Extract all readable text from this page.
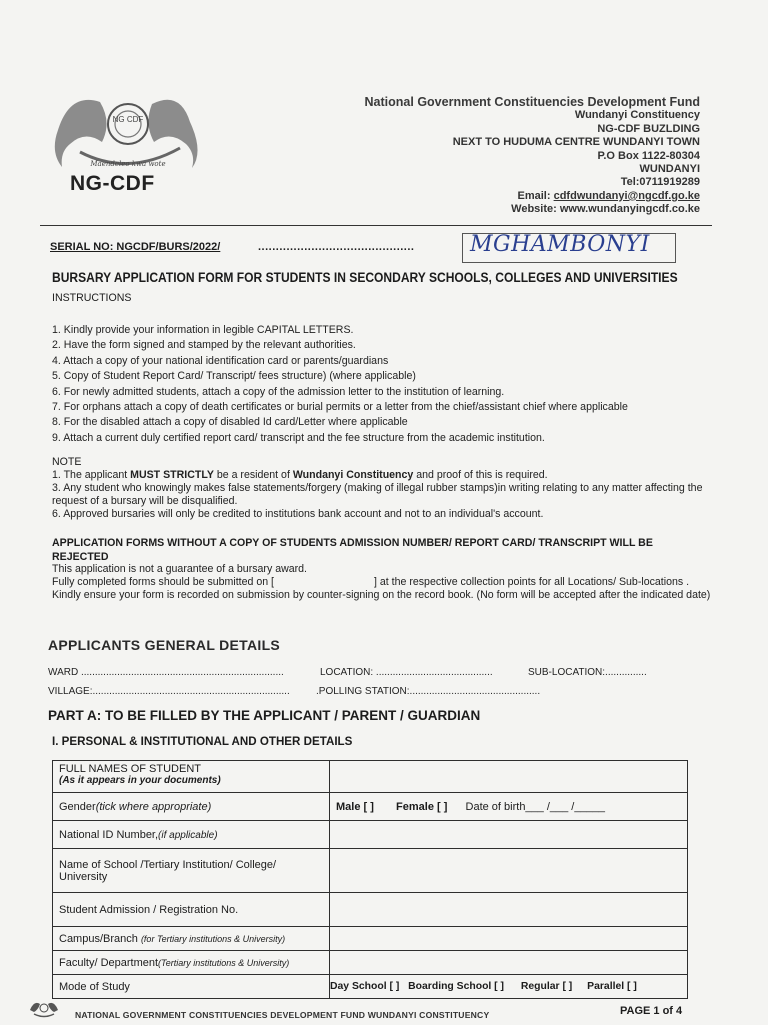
NG CDF
Maendeleo kwa wote
NG-CDF
National Government Constituencies Development Fund
Wundanyi Constituency
NG-CDF BUZLDING
NEXT TO HUDUMA CENTRE WUNDANYI TOWN
P.O Box 1122-80304
WUNDANYI
Tel:0711919289
Email: cdfdwundanyi@ngcdf.go.ke
Website: www.wundanyingcdf.co.ke
SERIAL NO: NGCDF/BURS/2022/	............................................	MGHAMBONYI
BURSARY APPLICATION FORM FOR STUDENTS IN SECONDARY SCHOOLS, COLLEGES AND UNIVERSITIES
INSTRUCTIONS
1. Kindly provide your information in legible CAPITAL LETTERS.
2. Have the form signed and stamped by the relevant authorities.
4. Attach a copy of your national identification card or parents/guardians
5. Copy of Student Report Card/ Transcript/ fees structure) (where applicable)
6. For newly admitted students, attach a copy of the admission letter to the institution of learning.
7. For orphans attach a copy of death certificates or burial permits or a letter from the chief/assistant chief where applicable
8. For the disabled attach a copy of disabled Id card/Letter where applicable
9. Attach a current duly certified report card/ transcript and the fee structure from the academic institution.
NOTE
1. The applicant MUST STRICTLY be a resident of Wundanyi Constituency and proof of this is required.
3. Any student who knowingly makes false statements/forgery (making of illegal rubber stamps)in writing relating to any matter affecting the request of a bursary will be disqualified.
6. Approved bursaries will only be credited to institutions bank account and not to an individual's account.
APPLICATION FORMS WITHOUT A COPY OF STUDENTS ADMISSION NUMBER/ REPORT CARD/ TRANSCRIPT WILL BE REJECTED
This application is not a guarantee of a bursary award.
Fully completed forms should be submitted on [	] at the respective collection points for all Locations/ Sub-locations . Kindly ensure your form is recorded on submission by counter-signing on the record book. (No form will be accepted after the indicated date)
APPLICANTS GENERAL DETAILS
WARD .........................................................................	LOCATION: ..........................................	SUB-LOCATION:...............
VILLAGE:.......................................................................	.POLLING STATION:...............................................
PART A: TO BE FILLED BY THE APPLICANT / PARENT / GUARDIAN
I. PERSONAL & INSTITUTIONAL AND OTHER DETAILS
FULL NAMES OF STUDENT
(As it appears in your documents)	

Gender(tick where appropriate)	Male [ ] Female [ ] Date of birth___ /___ /_____
National ID Number,(if applicable)	
Name of School /Tertiary Institution/ College/ University	
Student Admission / Registration No.	
Campus/Branch (for Tertiary institutions & University)	
Faculty/ Department(Tertiary institutions & University)	
Mode of Study	Day School [ ] Boarding School [ ] Regular [ ] Parallel [ ]
NATIONAL GOVERNMENT CONSTITUENCIES DEVELOPMENT FUND WUNDANYI CONSTITUENCY	PAGE 1 of 4
